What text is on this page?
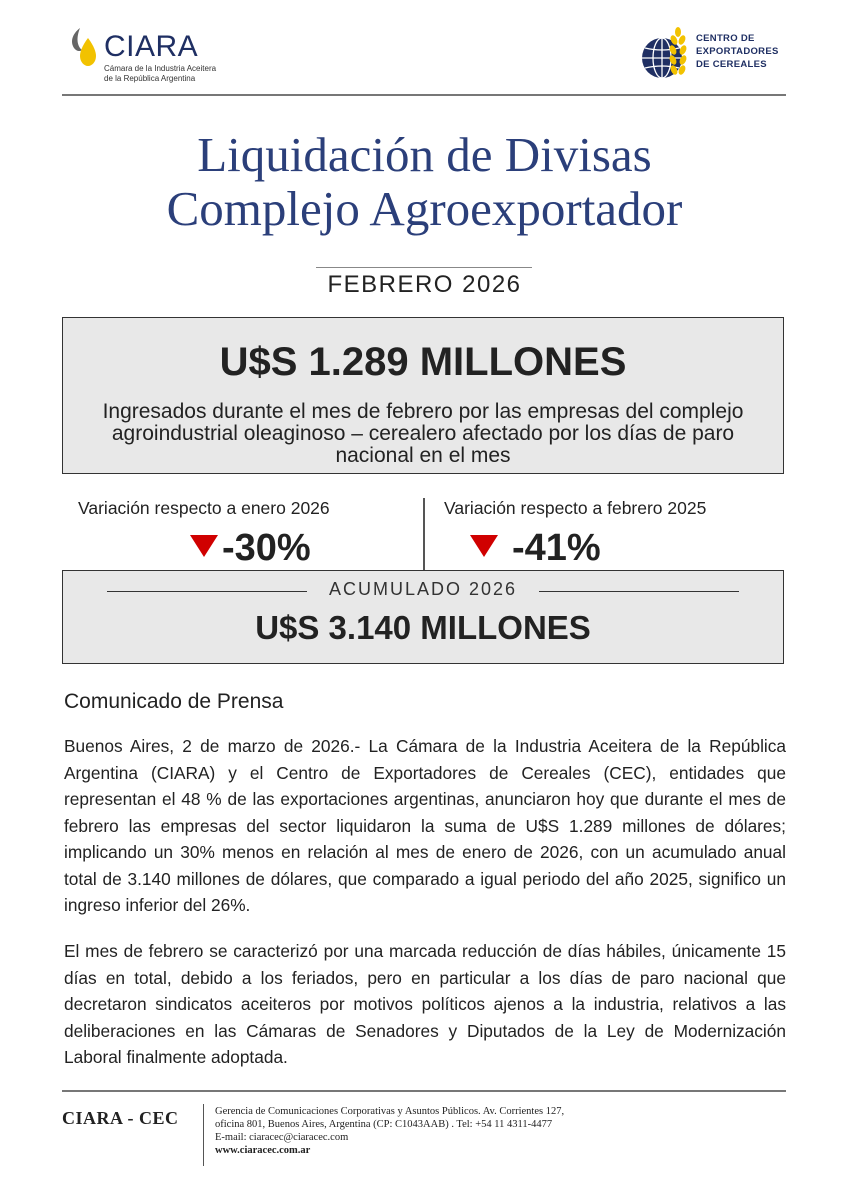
CIARA
Cámara de la Industria Aceitera
de la República Argentina
CENTRO DE
EXPORTADORES
DE CEREALES
Liquidación de Divisas
Complejo Agroexportador
FEBRERO 2026
U$S 1.289 MILLONES
Ingresados durante el mes de febrero por las empresas del complejo agroindustrial oleaginoso – cerealero afectado por los días de paro nacional en el mes
Variación respecto a enero 2026	Variación respecto a febrero 2025
-30%	-41%
ACUMULADO 2026
U$S 3.140 MILLONES
Comunicado de Prensa

Buenos Aires, 2 de marzo de 2026.- La Cámara de la Industria Aceitera de la República Argentina (CIARA) y el Centro de Exportadores de Cereales (CEC), entidades que representan el 48 % de las exportaciones argentinas, anunciaron hoy que durante el mes de febrero las empresas del sector liquidaron la suma de U$S 1.289 millones de dólares; implicando un 30% menos en relación al mes de enero de 2026, con un acumulado anual total de 3.140 millones de dólares, que comparado a igual periodo del año 2025, significo un ingreso inferior del 26%.

El mes de febrero se caracterizó por una marcada reducción de días hábiles, únicamente 15 días en total, debido a los feriados, pero en particular a los días de paro nacional que decretaron sindicatos aceiteros por motivos políticos ajenos a la industria, relativos a las deliberaciones en las Cámaras de Senadores y Diputados de la Ley de Modernización Laboral finalmente adoptada.

CIARA - CEC	Gerencia de Comunicaciones Corporativas y Asuntos Públicos. Av. Corrientes 127,
oficina 801, Buenos Aires, Argentina (CP: C1043AAB) . Tel: +54 11 4311-4477
E-mail: ciaracec@ciaracec.com
www.ciaracec.com.ar
